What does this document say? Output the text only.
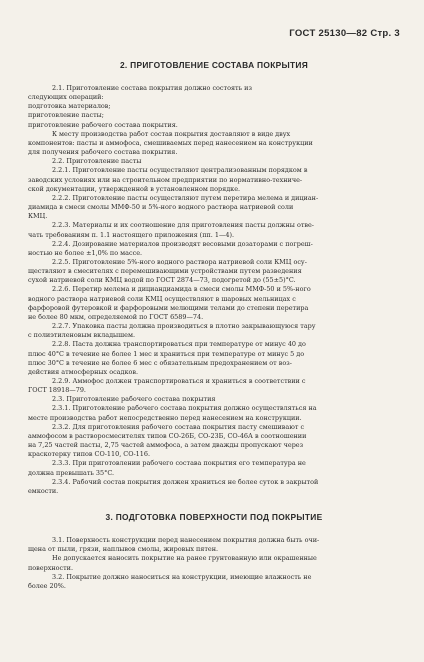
ГОСТ 25130—82 Стр. 3
2. ПРИГОТОВЛЕНИЕ СОСТАВА ПОКРЫТИЯ
2.1. Приготовление состава покрытия должно состоять из
следующих операций:
подготовка материалов;
приготовление пасты;
приготовление рабочего состава покрытия.
К месту производства работ состав покрытия доставляют в виде двух
компонентов: пасты и аммофоса, смешиваемых перед нанесением на конструкции
для получения рабочего состава покрытия.
2.2. Приготовление пасты
2.2.1. Приготовление пасты осуществляют централизованным порядком в
заводских условиях или на строительном предприятии по нормативно-техниче-
ской документации, утвержденной в установленном порядке.
2.2.2. Приготовление пасты осуществляют путем перетира мелема и дициан-
диамида в смеси смолы ММФ-50 и 5%-ного водного раствора натриевой соли
КМЦ.
2.2.3. Материалы и их соотношение для приготовления пасты должны отве-
чать требованиям п. 1.1 настоящего приложения (пп. 1—4).
2.2.4. Дозирование материалов производят весовыми дозаторами с погреш-
ностью не более ±1,0% по массе.
2.2.5. Приготовление 5%-ного водного раствора натриевой соли КМЦ осу-
ществляют в смесителях с перемешивающими устройствами путем разведения
сухой натриевой соли КМЦ водой по ГОСТ 2874—73, подогретой до (55±5)°C.
2.2.6. Перетир мелема и дициандиамида в смеси смолы ММФ-50 и 5%-ного
водного раствора натриевой соли КМЦ осуществляют в шаровых мельницах с
фарфоровой футеровкой и фарфоровыми мелющими телами до степени перетира
не более 80 мкм, определяемой по ГОСТ 6589—74.
2.2.7. Упаковка пасты должна производиться в плотно закрывающуюся тару
с полиэтиленовым вкладышем.
2.2.8. Паста должна транспортироваться при температуре от минус 40 до
плюс 40°C в течение не более 1 мес и храниться при температуре от минус 5 до
плюс 30°C в течение не более 6 мес с обязательным предохранением от воз-
действия атмосферных осадков.
2.2.9. Аммофос должен транспортироваться и храниться в соответствии с
ГОСТ 18918—79.
2.3. Приготовление рабочего состава покрытия
2.3.1. Приготовление рабочего состава покрытия должно осуществляться на
месте производства работ непосредственно перед нанесением на конструкции.
2.3.2. Для приготовления рабочего состава покрытия пасту смешивают с
аммофосом в растворосмесителях типов СО-26Б, СО-23Б, СО-46А в соотношении
на 7,25 частей пасты, 2,75 частей аммофоса, а затем дважды пропускают через
краскотерку типов СО-110, СО-116.
2.3.3. При приготовлении рабочего состава покрытия его температура не
должна превышать 35°C.
2.3.4. Рабочий состав покрытия должен храниться не более суток в закрытой
емкости.
3. ПОДГОТОВКА ПОВЕРХНОСТИ ПОД ПОКРЫТИЕ
3.1. Поверхность конструкции перед нанесением покрытия должна быть очи-
щена от пыли, грязи, наплывов смолы, жировых пятен.
Не допускается наносить покрытие на ранее грунтованную или окрашенные
поверхности.
3.2. Покрытие должно наноситься на конструкции, имеющие влажность не
более 20%.
